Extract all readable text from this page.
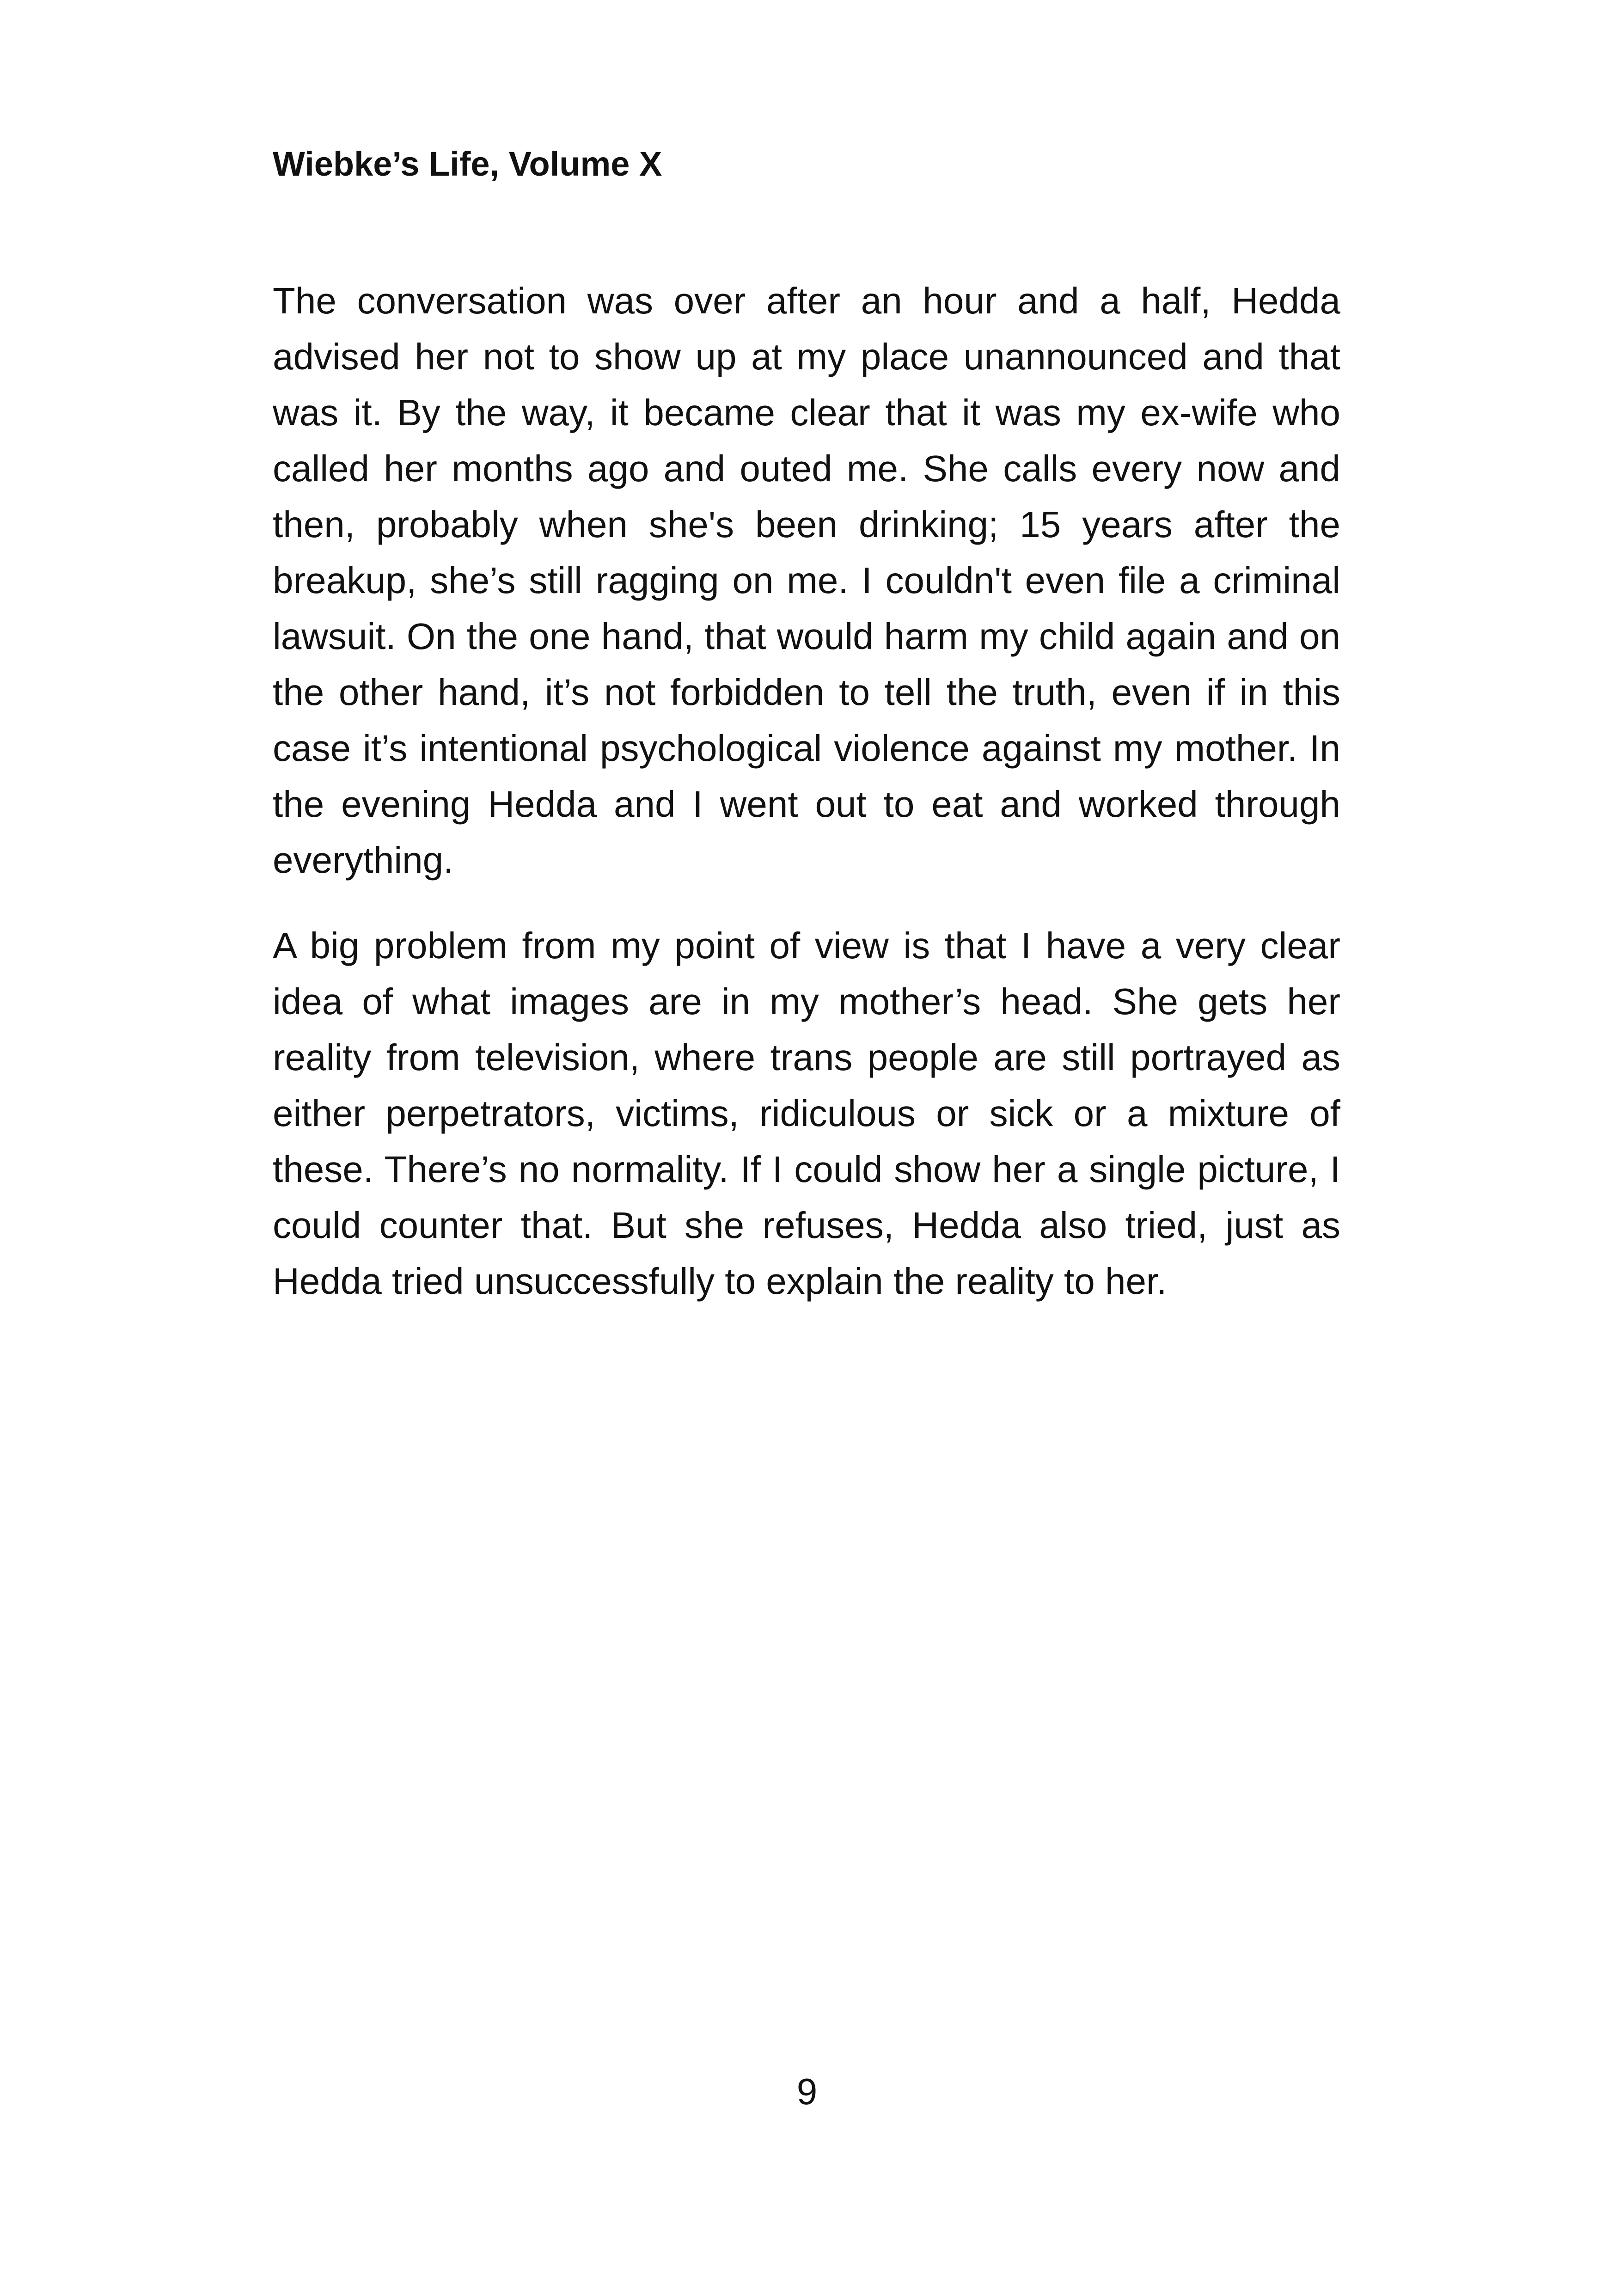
Wiebke’s Life, Volume X

The conversation was over after an hour and a half, Hedda advised her not to show up at my place unannounced and that was it. By the way, it became clear that it was my ex-wife who called her months ago and outed me. She calls every now and then, probably when she's been drinking; 15 years after the breakup, she’s still ragging on me. I couldn't even file a criminal lawsuit. On the one hand, that would harm my child again and on the other hand, it’s not forbidden to tell the truth, even if in this case it’s intentional psychological violence against my mother. In the evening Hedda and I went out to eat and worked through everything.

A big problem from my point of view is that I have a very clear idea of what images are in my mother’s head. She gets her reality from television, where trans people are still portrayed as either perpetrators, victims, ridiculous or sick or a mixture of these. There’s no normality. If I could show her a single picture, I could counter that. But she refuses, Hedda also tried, just as Hedda tried unsuccessfully to explain the reality to her.

9
